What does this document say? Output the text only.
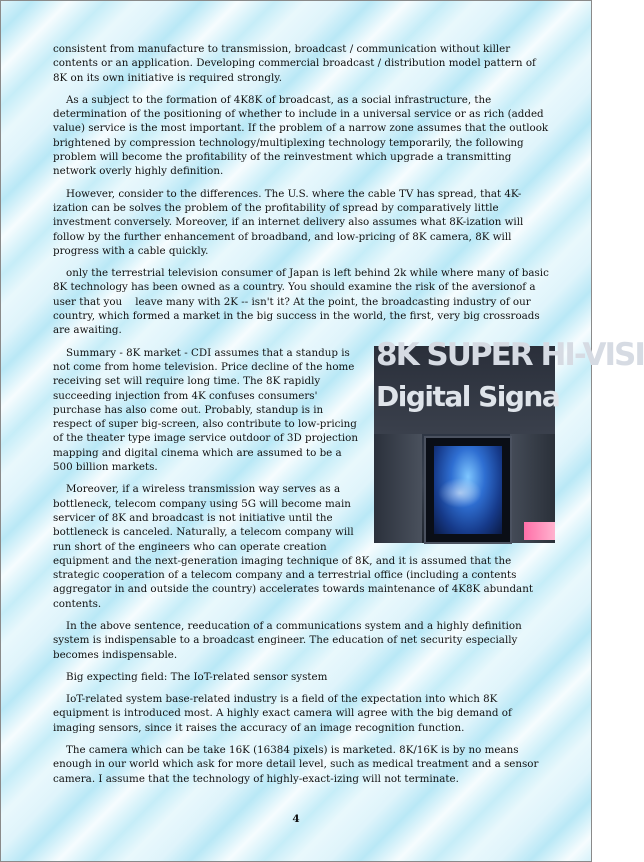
consistent from manufacture to transmission, broadcast / communication without killer contents or an application. Developing commercial broadcast / distribution model pattern of 8K on its own initiative is required strongly.

As a subject to the formation of 4K8K of broadcast, as a social infrastructure, the determination of the positioning of whether to include in a universal service or as rich (added value) service is the most important. If the problem of a narrow zone assumes that the outlook brightened by compression technology/multiplexing technology temporarily, the following problem will become the profitability of the reinvestment which upgrade a transmitting network overly highly definition.

However, consider to the differences. The U.S. where the cable TV has spread, that 4K-ization can be solves the problem of the profitability of spread by comparatively little investment conversely. Moreover, if an internet delivery also assumes what 8K-ization will follow by the further enhancement of broadband, and low-pricing of 8K camera, 8K will progress with a cable quickly.

only the terrestrial television consumer of Japan is left behind 2k while where many of basic 8K technology has been owned as a country. You should examine the risk of the aversionof a user that you    leave many with 2K -- isn't it? At the point, the broadcasting industry of our country, which formed a market in the big success in the world, the first, very big crossroads are awaiting.

8K SUPER HI-VISI
Digital Signa

Summary - 8K market - CDI assumes that a standup is not come from home television. Price decline of the home receiving set will require long time. The 8K rapidly succeeding injection from 4K confuses consumers' purchase has also come out. Probably, standup is in respect of super big-screen, also contribute to low-pricing of the theater type image service outdoor of 3D projection mapping and digital cinema which are assumed to be a 500 billion markets.

Moreover, if a wireless transmission way serves as a bottleneck, telecom company using 5G will become main servicer of 8K and broadcast is not initiative until the bottleneck is canceled. Naturally, a telecom company will run short of the engineers who can operate creation equipment and the next-generation imaging technique of 8K, and it is assumed that the strategic cooperation of a telecom company and a terrestrial office (including a contents aggregator in and outside the country) accelerates towards maintenance of 4K8K abundant contents.

In the above sentence, reeducation of a communications system and a highly definition system is indispensable to a broadcast engineer. The education of net security especially becomes indispensable.

Big expecting field: The IoT-related sensor system

IoT-related system base-related industry is a field of the expectation into which 8K equipment is introduced most. A highly exact camera will agree with the big demand of imaging sensors, since it raises the accuracy of an image recognition function.

The camera which can be take 16K (16384 pixels) is marketed. 8K/16K is by no means enough in our world which ask for more detail level, such as medical treatment and a sensor camera. I assume that the technology of highly-exact-izing will not terminate.

4
